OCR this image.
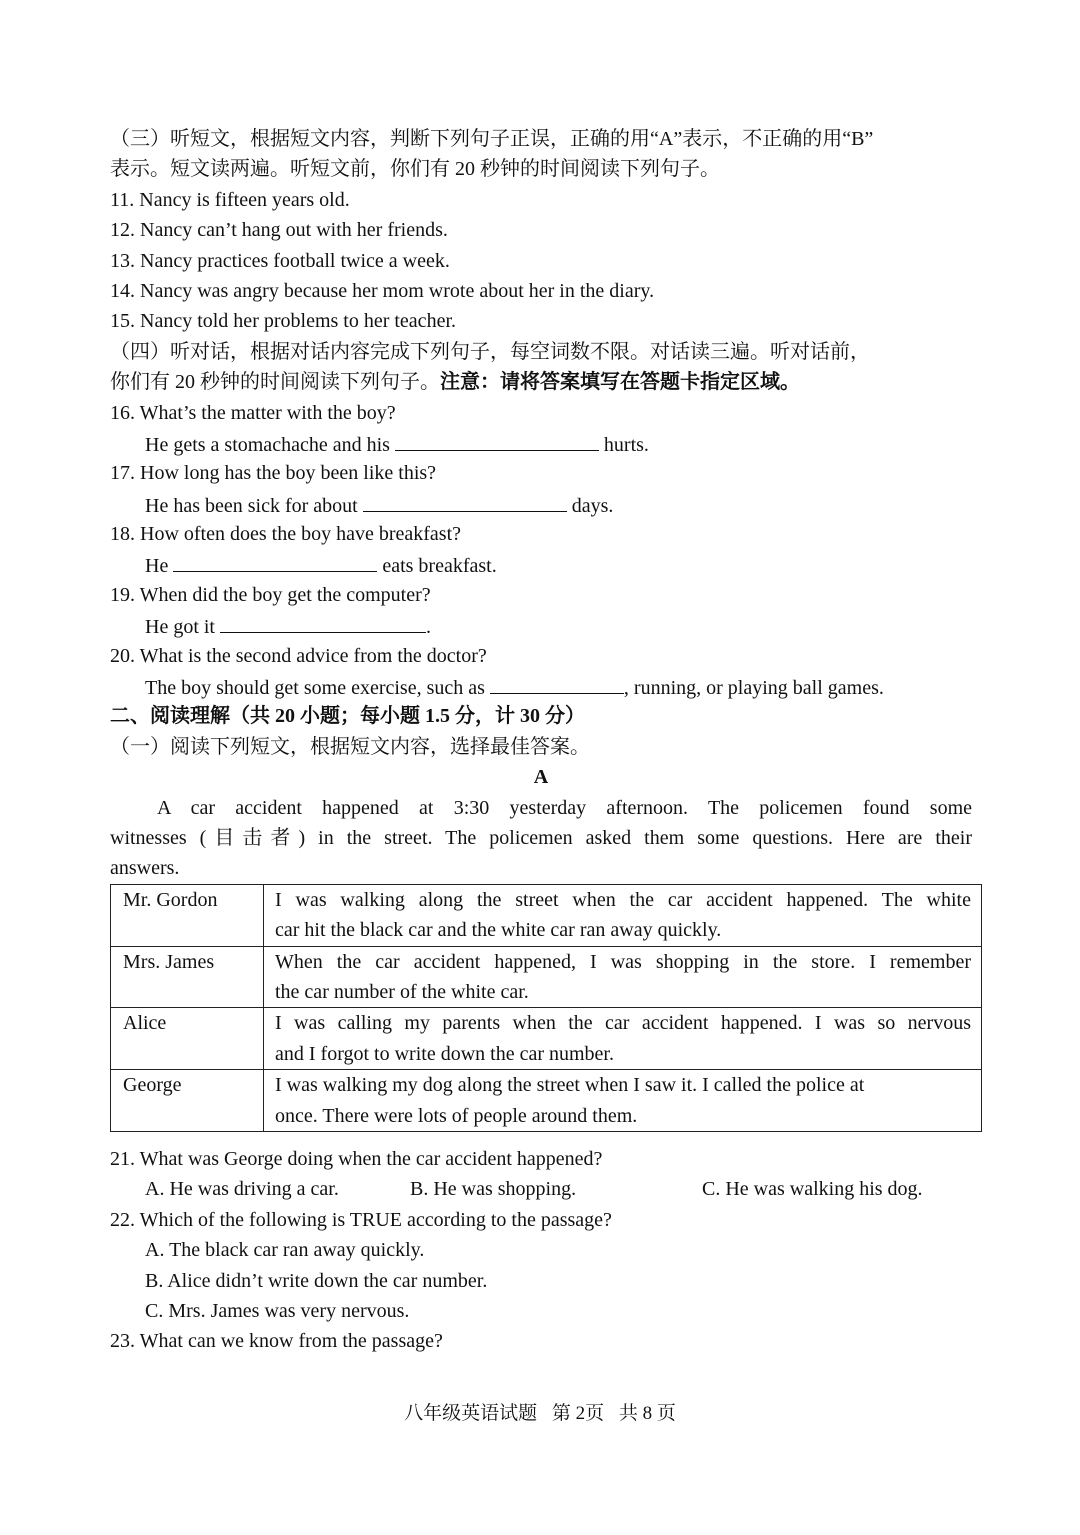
（三）听短文，根据短文内容，判断下列句子正误，正确的用“A”表示，不正确的用“B”
表示。短文读两遍。听短文前，你们有 20 秒钟的时间阅读下列句子。
11. Nancy is fifteen years old.
12. Nancy can’t hang out with her friends.
13. Nancy practices football twice a week.
14. Nancy was angry because her mom wrote about her in the diary.
15. Nancy told her problems to her teacher.
（四）听对话，根据对话内容完成下列句子，每空词数不限。对话读三遍。听对话前，
你们有 20 秒钟的时间阅读下列句子。注意：请将答案填写在答题卡指定区域。
16. What’s the matter with the boy?
He gets a stomachache and his	hurts.
17. How long has the boy been like this?
He has been sick for about	days.
18. How often does the boy have breakfast?
He	eats breakfast.
19. When did the boy get the computer?
He got it	.
20. What is the second advice from the doctor?
The boy should get some exercise, such as	, running, or playing ball games.
二、阅读理解（共 20 小题；每小题 1.5 分，计 30 分）
（一）阅读下列短文，根据短文内容，选择最佳答案。
A
A car accident happened at 3:30 yesterday afternoon. The policemen found some
witnesses (目击者) in the street. The policemen asked them some questions. Here are their
answers.
Mr. Gordon	I was walking along the street when the car accident happened. The white
car hit the black car and the white car ran away quickly.

Mrs. James	When the car accident happened, I was shopping in the store. I remember
the car number of the white car.

Alice	I was calling my parents when the car accident happened. I was so nervous
and I forgot to write down the car number.

George	I was walking my dog along the street when I saw it. I called the police at
once. There were lots of people around them.
21. What was George doing when the car accident happened?
A. He was driving a car.	B. He was shopping.	C. He was walking his dog.
22. Which of the following is TRUE according to the passage?
A. The black car ran away quickly.
B. Alice didn’t write down the car number.
C. Mrs. James was very nervous.
23. What can we know from the passage?
八年级英语试题 第 2页 共 8 页
